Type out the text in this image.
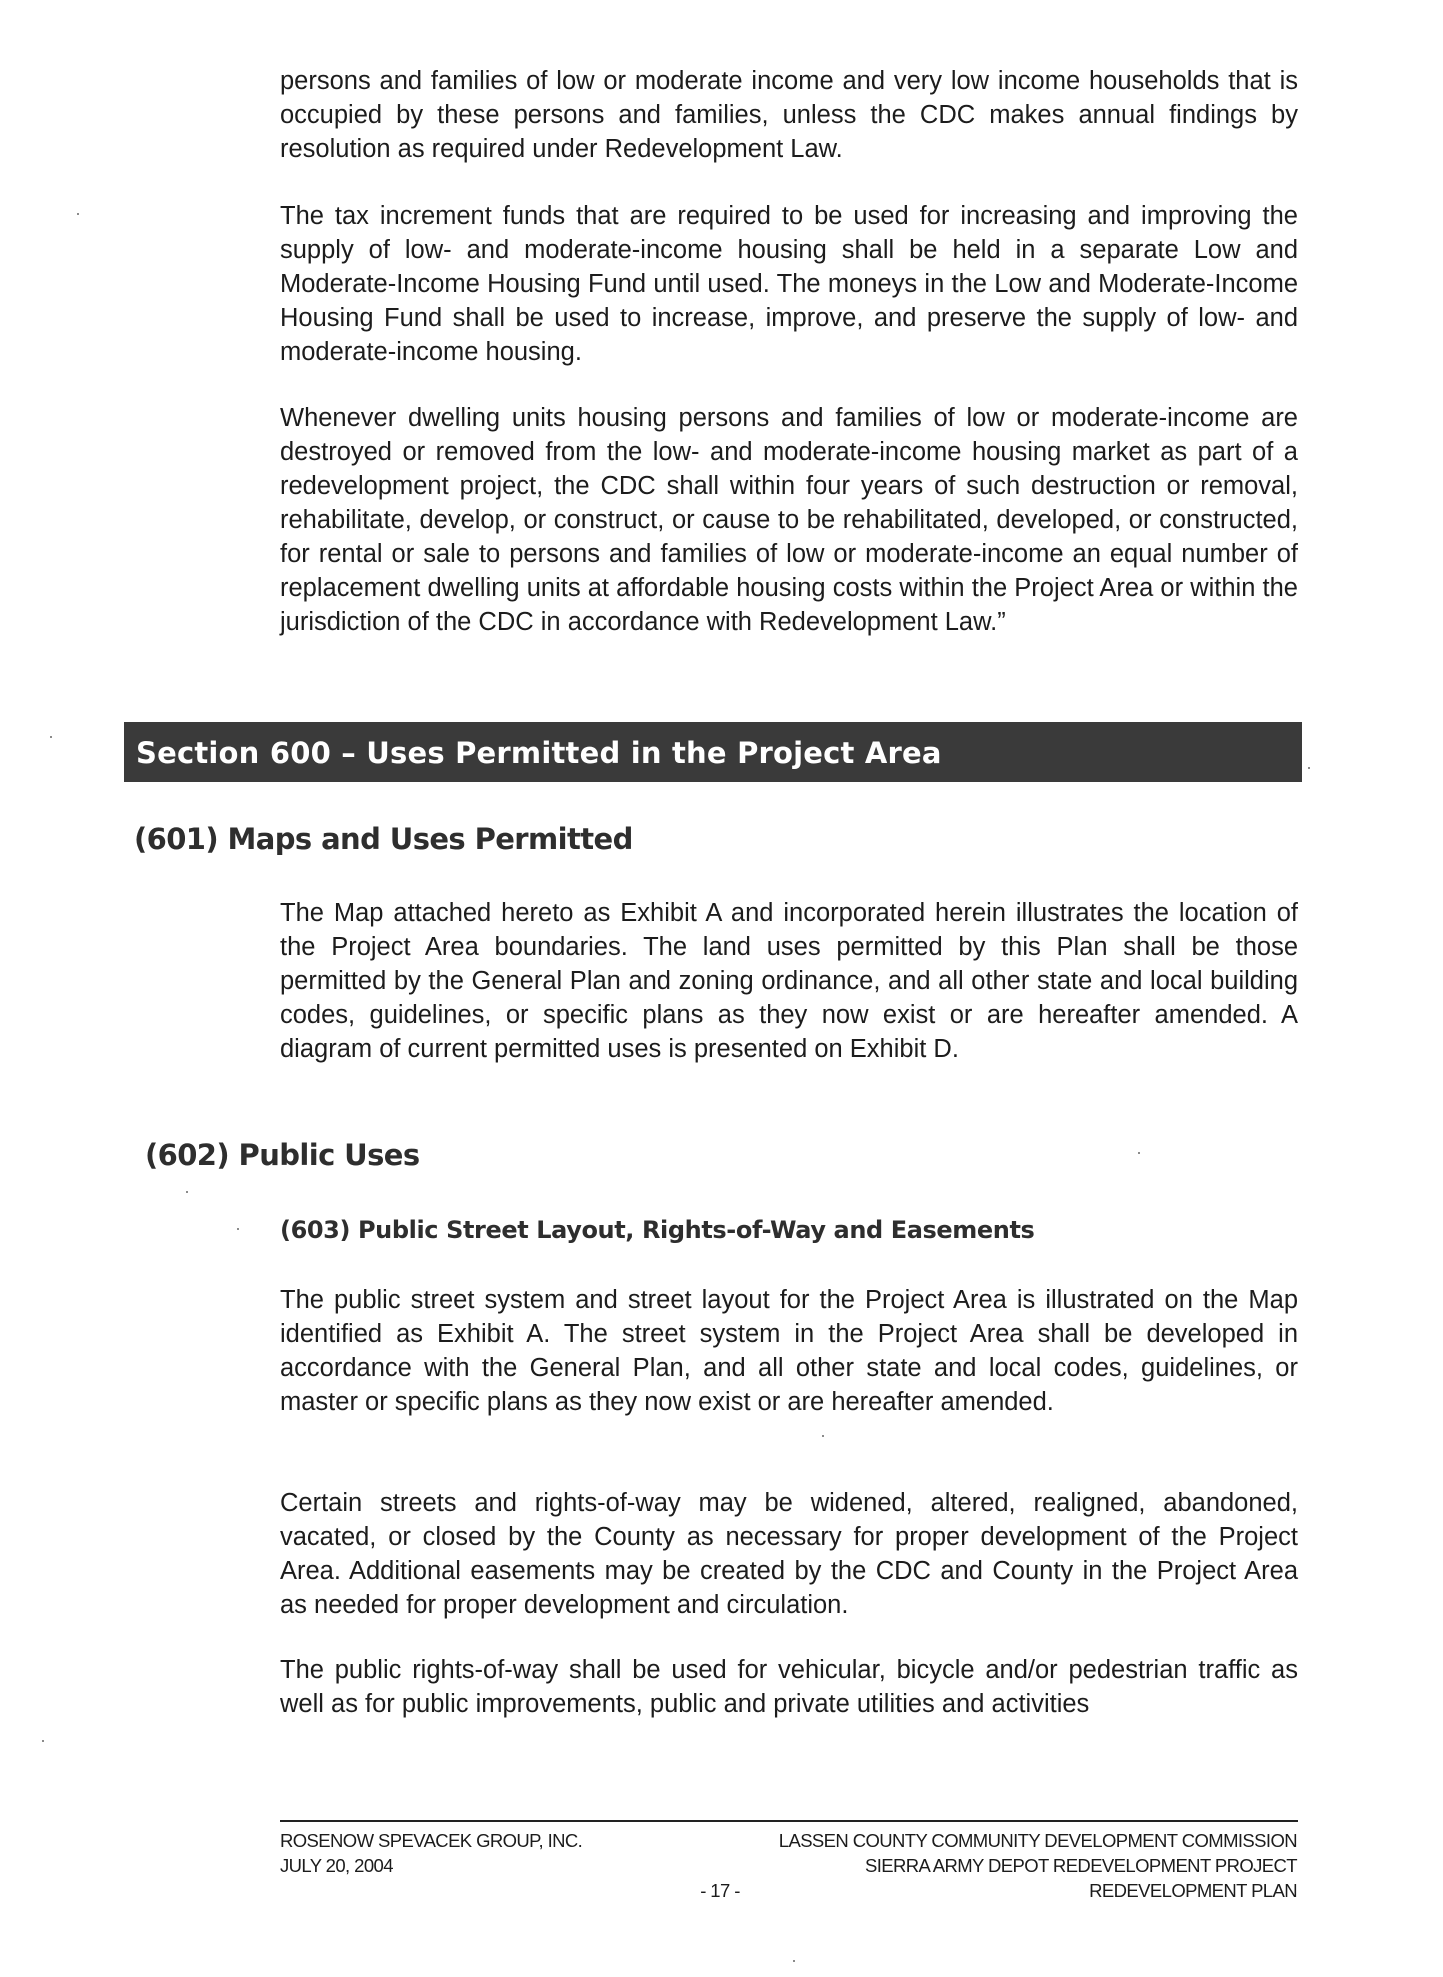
persons and families of low or moderate income and very low income households that is occupied by these persons and families, unless the CDC makes annual findings by resolution as required under Redevelopment Law.

The tax increment funds that are required to be used for increasing and improving the supply of low- and moderate-income housing shall be held in a separate Low and Moderate-Income Housing Fund until used. The moneys in the Low and Moderate-Income Housing Fund shall be used to increase, improve, and preserve the supply of low- and moderate-income housing.

Whenever dwelling units housing persons and families of low or moderate-income are destroyed or removed from the low- and moderate-income housing market as part of a redevelopment project, the CDC shall within four years of such destruction or removal, rehabilitate, develop, or construct, or cause to be rehabilitated, developed, or constructed, for rental or sale to persons and families of low or moderate-income an equal number of replacement dwelling units at affordable housing costs within the Project Area or within the jurisdiction of the CDC in accordance with Redevelopment Law.”

Section 600 – Uses Permitted in the Project Area
(601) Maps and Uses Permitted

The Map attached hereto as Exhibit A and incorporated herein illustrates the location of the Project Area boundaries. The land uses permitted by this Plan shall be those permitted by the General Plan and zoning ordinance, and all other state and local building codes, guidelines, or specific plans as they now exist or are hereafter amended. A diagram of current permitted uses is presented on Exhibit D.

(602) Public Uses
(603) Public Street Layout, Rights-of-Way and Easements

The public street system and street layout for the Project Area is illustrated on the Map identified as Exhibit A. The street system in the Project Area shall be developed in accordance with the General Plan, and all other state and local codes, guidelines, or master or specific plans as they now exist or are hereafter amended.

Certain streets and rights-of-way may be widened, altered, realigned, abandoned, vacated, or closed by the County as necessary for proper development of the Project Area. Additional easements may be created by the CDC and County in the Project Area as needed for proper development and circulation.

The public rights-of-way shall be used for vehicular, bicycle and/or pedestrian traffic as well as for public improvements, public and private utilities and activities

ROSENOW SPEVACEK GROUP, INC.
JULY 20, 2004
- 17 -
LASSEN COUNTY COMMUNITY DEVELOPMENT COMMISSION
SIERRA ARMY DEPOT REDEVELOPMENT PROJECT
REDEVELOPMENT PLAN
